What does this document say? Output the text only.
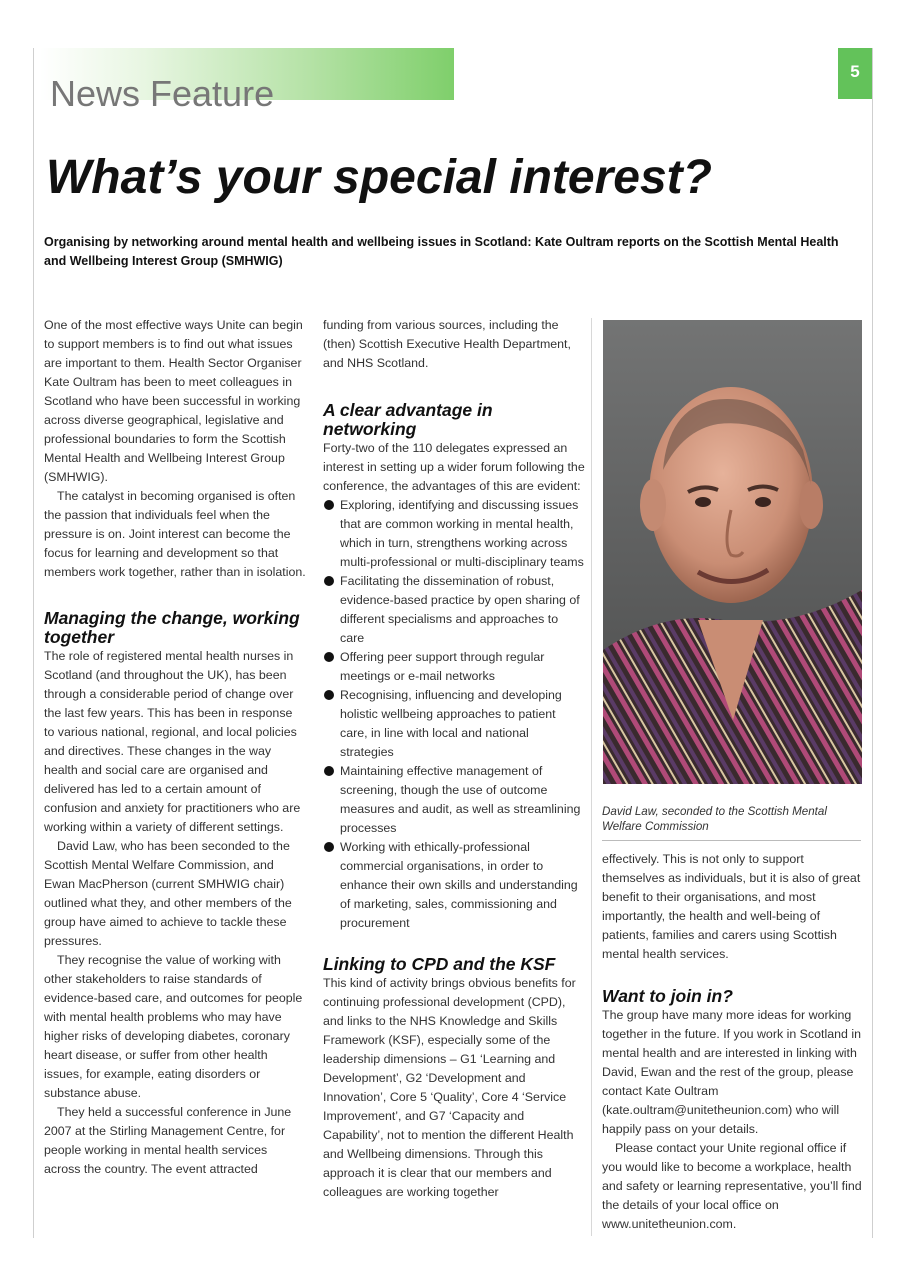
News Feature
5
What’s your special interest?

Organising by networking around mental health and wellbeing issues in Scotland: Kate Oultram reports on the Scottish Mental Health and Wellbeing Interest Group (SMHWIG)

One of the most effective ways Unite can begin to support members is to find out what issues are important to them. Health Sector Organiser Kate Oultram has been to meet colleagues in Scotland who have been successful in working across diverse geographical, legislative and professional boundaries to form the Scottish Mental Health and Wellbeing Interest Group (SMHWIG).

The catalyst in becoming organised is often the passion that individuals feel when the pressure is on. Joint interest can become the focus for learning and development so that members work together, rather than in isolation.

Managing the change, working together

The role of registered mental health nurses in Scotland (and throughout the UK), has been through a considerable period of change over the last few years. This has been in response to various national, regional, and local policies and directives. These changes in the way health and social care are organised and delivered has led to a certain amount of confusion and anxiety for practitioners who are working within a variety of different settings.

David Law, who has been seconded to the Scottish Mental Welfare Commission, and Ewan MacPherson (current SMHWIG chair) outlined what they, and other members of the group have aimed to achieve to tackle these pressures.

They recognise the value of working with other stakeholders to raise standards of evidence-based care, and outcomes for people with mental health problems who may have higher risks of developing diabetes, coronary heart disease, or suffer from other health issues, for example, eating disorders or substance abuse.

They held a successful conference in June 2007 at the Stirling Management Centre, for people working in mental health services across the country. The event attracted

funding from various sources, including the (then) Scottish Executive Health Department, and NHS Scotland.

A clear advantage in networking

Forty-two of the 110 delegates expressed an interest in setting up a wider forum following the conference, the advantages of this are evident:

Exploring, identifying and discussing issues that are common working in mental health, which in turn, strengthens working across multi-professional or multi-disciplinary teams
Facilitating the dissemination of robust, evidence-based practice by open sharing of different specialisms and approaches to care
Offering peer support through regular meetings or e-mail networks
Recognising, influencing and developing holistic wellbeing approaches to patient care, in line with local and national strategies
Maintaining effective management of screening, though the use of outcome measures and audit, as well as streamlining processes
Working with ethically-professional commercial organisations, in order to enhance their own skills and understanding of marketing, sales, commissioning and procurement
Linking to CPD and the KSF

This kind of activity brings obvious benefits for continuing professional development (CPD), and links to the NHS Knowledge and Skills Framework (KSF), especially some of the leadership dimensions – G1 ‘Learning and Development’, G2 ‘Development and Innovation’, Core 5 ‘Quality’, Core 4 ‘Service Improvement’, and G7 ‘Capacity and Capability’, not to mention the different Health and Wellbeing dimensions. Through this approach it is clear that our members and colleagues are working together

David Law, seconded to the Scottish Mental Welfare Commission

effectively. This is not only to support themselves as individuals, but it is also of great benefit to their organisations, and most importantly, the health and well-being of patients, families and carers using Scottish mental health services.

Want to join in?

The group have many more ideas for working together in the future. If you work in Scotland in mental health and are interested in linking with David, Ewan and the rest of the group, please contact Kate Oultram (kate.oultram@unitetheunion.com) who will happily pass on your details.

Please contact your Unite regional office if you would like to become a workplace, health and safety or learning representative, you’ll find the details of your local office on www.unitetheunion.com.
